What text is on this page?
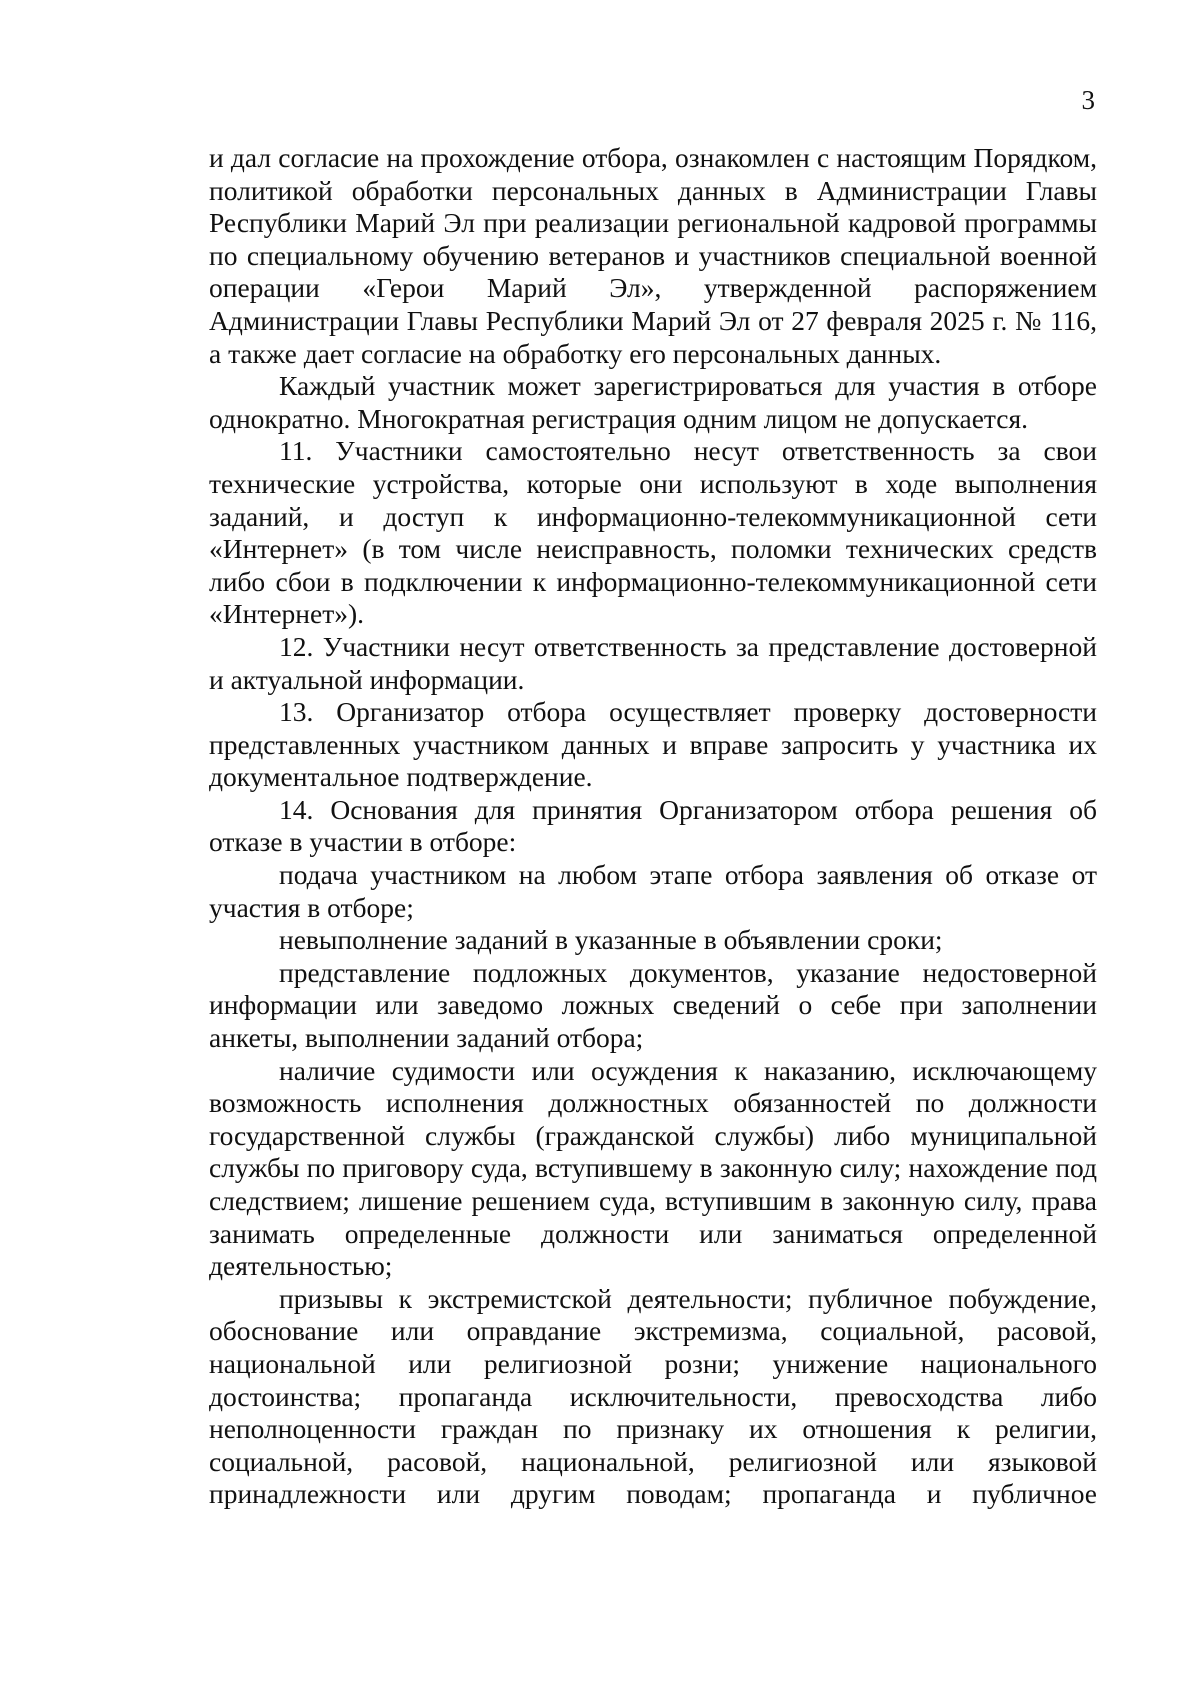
3

и дал согласие на прохождение отбора, ознакомлен с настоящим Порядком, политикой обработки персональных данных в Администрации Главы Республики Марий Эл при реализации региональной кадровой программы по специальному обучению ветеранов и участников специальной военной операции «Герои Марий Эл», утвержденной распоряжением Администрации Главы Республики Марий Эл от 27 февраля 2025 г. № 116, а также дает согласие на обработку его персональных данных.

Каждый участник может зарегистрироваться для участия в отборе однократно. Многократная регистрация одним лицом не допускается.

11. Участники самостоятельно несут ответственность за свои технические устройства, которые они используют в ходе выполнения заданий, и доступ к информационно-телекоммуникационной сети «Интернет» (в том числе неисправность, поломки технических средств либо сбои в подключении к информационно-телекоммуникационной сети «Интернет»).

12. Участники несут ответственность за представление достоверной и актуальной информации.

13. Организатор отбора осуществляет проверку достоверности представленных участником данных и вправе запросить у участника их документальное подтверждение.

14. Основания для принятия Организатором отбора решения об отказе в участии в отборе:

подача участником на любом этапе отбора заявления об отказе от участия в отборе;

невыполнение заданий в указанные в объявлении сроки;

представление подложных документов, указание недостоверной информации или заведомо ложных сведений о себе при заполнении анкеты, выполнении заданий отбора;

наличие судимости или осуждения к наказанию, исключающему возможность исполнения должностных обязанностей по должности государственной службы (гражданской службы) либо муниципальной службы по приговору суда, вступившему в законную силу; нахождение под следствием; лишение решением суда, вступившим в законную силу, права занимать определенные должности или заниматься определенной деятельностью;

призывы к экстремистской деятельности; публичное побуждение, обоснование или оправдание экстремизма, социальной, расовой, национальной или религиозной розни; унижение национального достоинства; пропаганда исключительности, превосходства либо неполноценности граждан по признаку их отношения к религии, социальной, расовой, национальной, религиозной или языковой принадлежности или другим поводам; пропаганда и публичное
